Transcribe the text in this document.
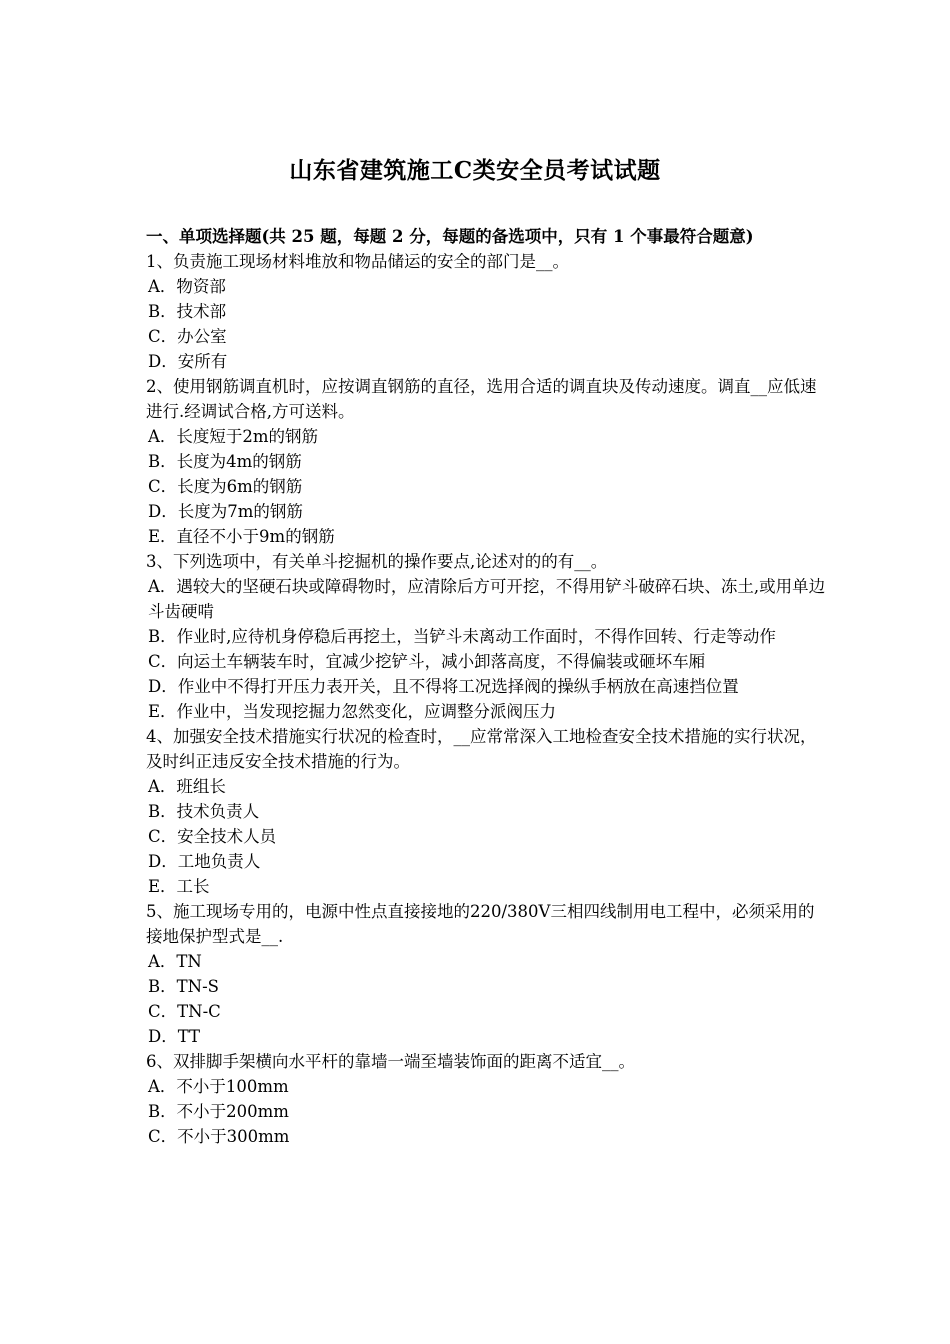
山东省建筑施工C类安全员考试试题
一、单项选择题(共 25 题，每题 2 分，每题的备选项中，只有 1 个事最符合题意)
1、负责施工现场材料堆放和物品储运的安全的部门是__。
A．物资部
B．技术部
C．办公室
D．安所有
2、使用钢筋调直机时，应按调直钢筋的直径，选用合适的调直块及传动速度。调直__应低速进行.经调试合格,方可送料。
A．长度短于2m的钢筋
B．长度为4m的钢筋
C．长度为6m的钢筋
D．长度为7m的钢筋
E．直径不小于9m的钢筋
3、下列选项中，有关单斗挖掘机的操作要点,论述对的的有__。
A．遇较大的坚硬石块或障碍物时，应清除后方可开挖，不得用铲斗破碎石块、冻土,或用单边斗齿硬啃
B．作业时,应待机身停稳后再挖土，当铲斗未离动工作面时，不得作回转、行走等动作
C．向运土车辆装车时，宜减少挖铲斗，减小卸落高度，不得偏装或砸坏车厢
D．作业中不得打开压力表开关，且不得将工况选择阀的操纵手柄放在高速挡位置
E．作业中，当发现挖掘力忽然变化，应调整分派阀压力
4、加强安全技术措施实行状况的检查时，__应常常深入工地检查安全技术措施的实行状况，及时纠正违反安全技术措施的行为。
A．班组长
B．技术负责人
C．安全技术人员
D．工地负责人
E．工长
5、施工现场专用的，电源中性点直接接地的220/380V三相四线制用电工程中，必须采用的接地保护型式是__.
A．TN
B．TN-S
C．TN-C
D．TT
6、双排脚手架横向水平杆的靠墙一端至墙装饰面的距离不适宜__。
A．不小于100mm
B．不小于200mm
C．不小于300mm
